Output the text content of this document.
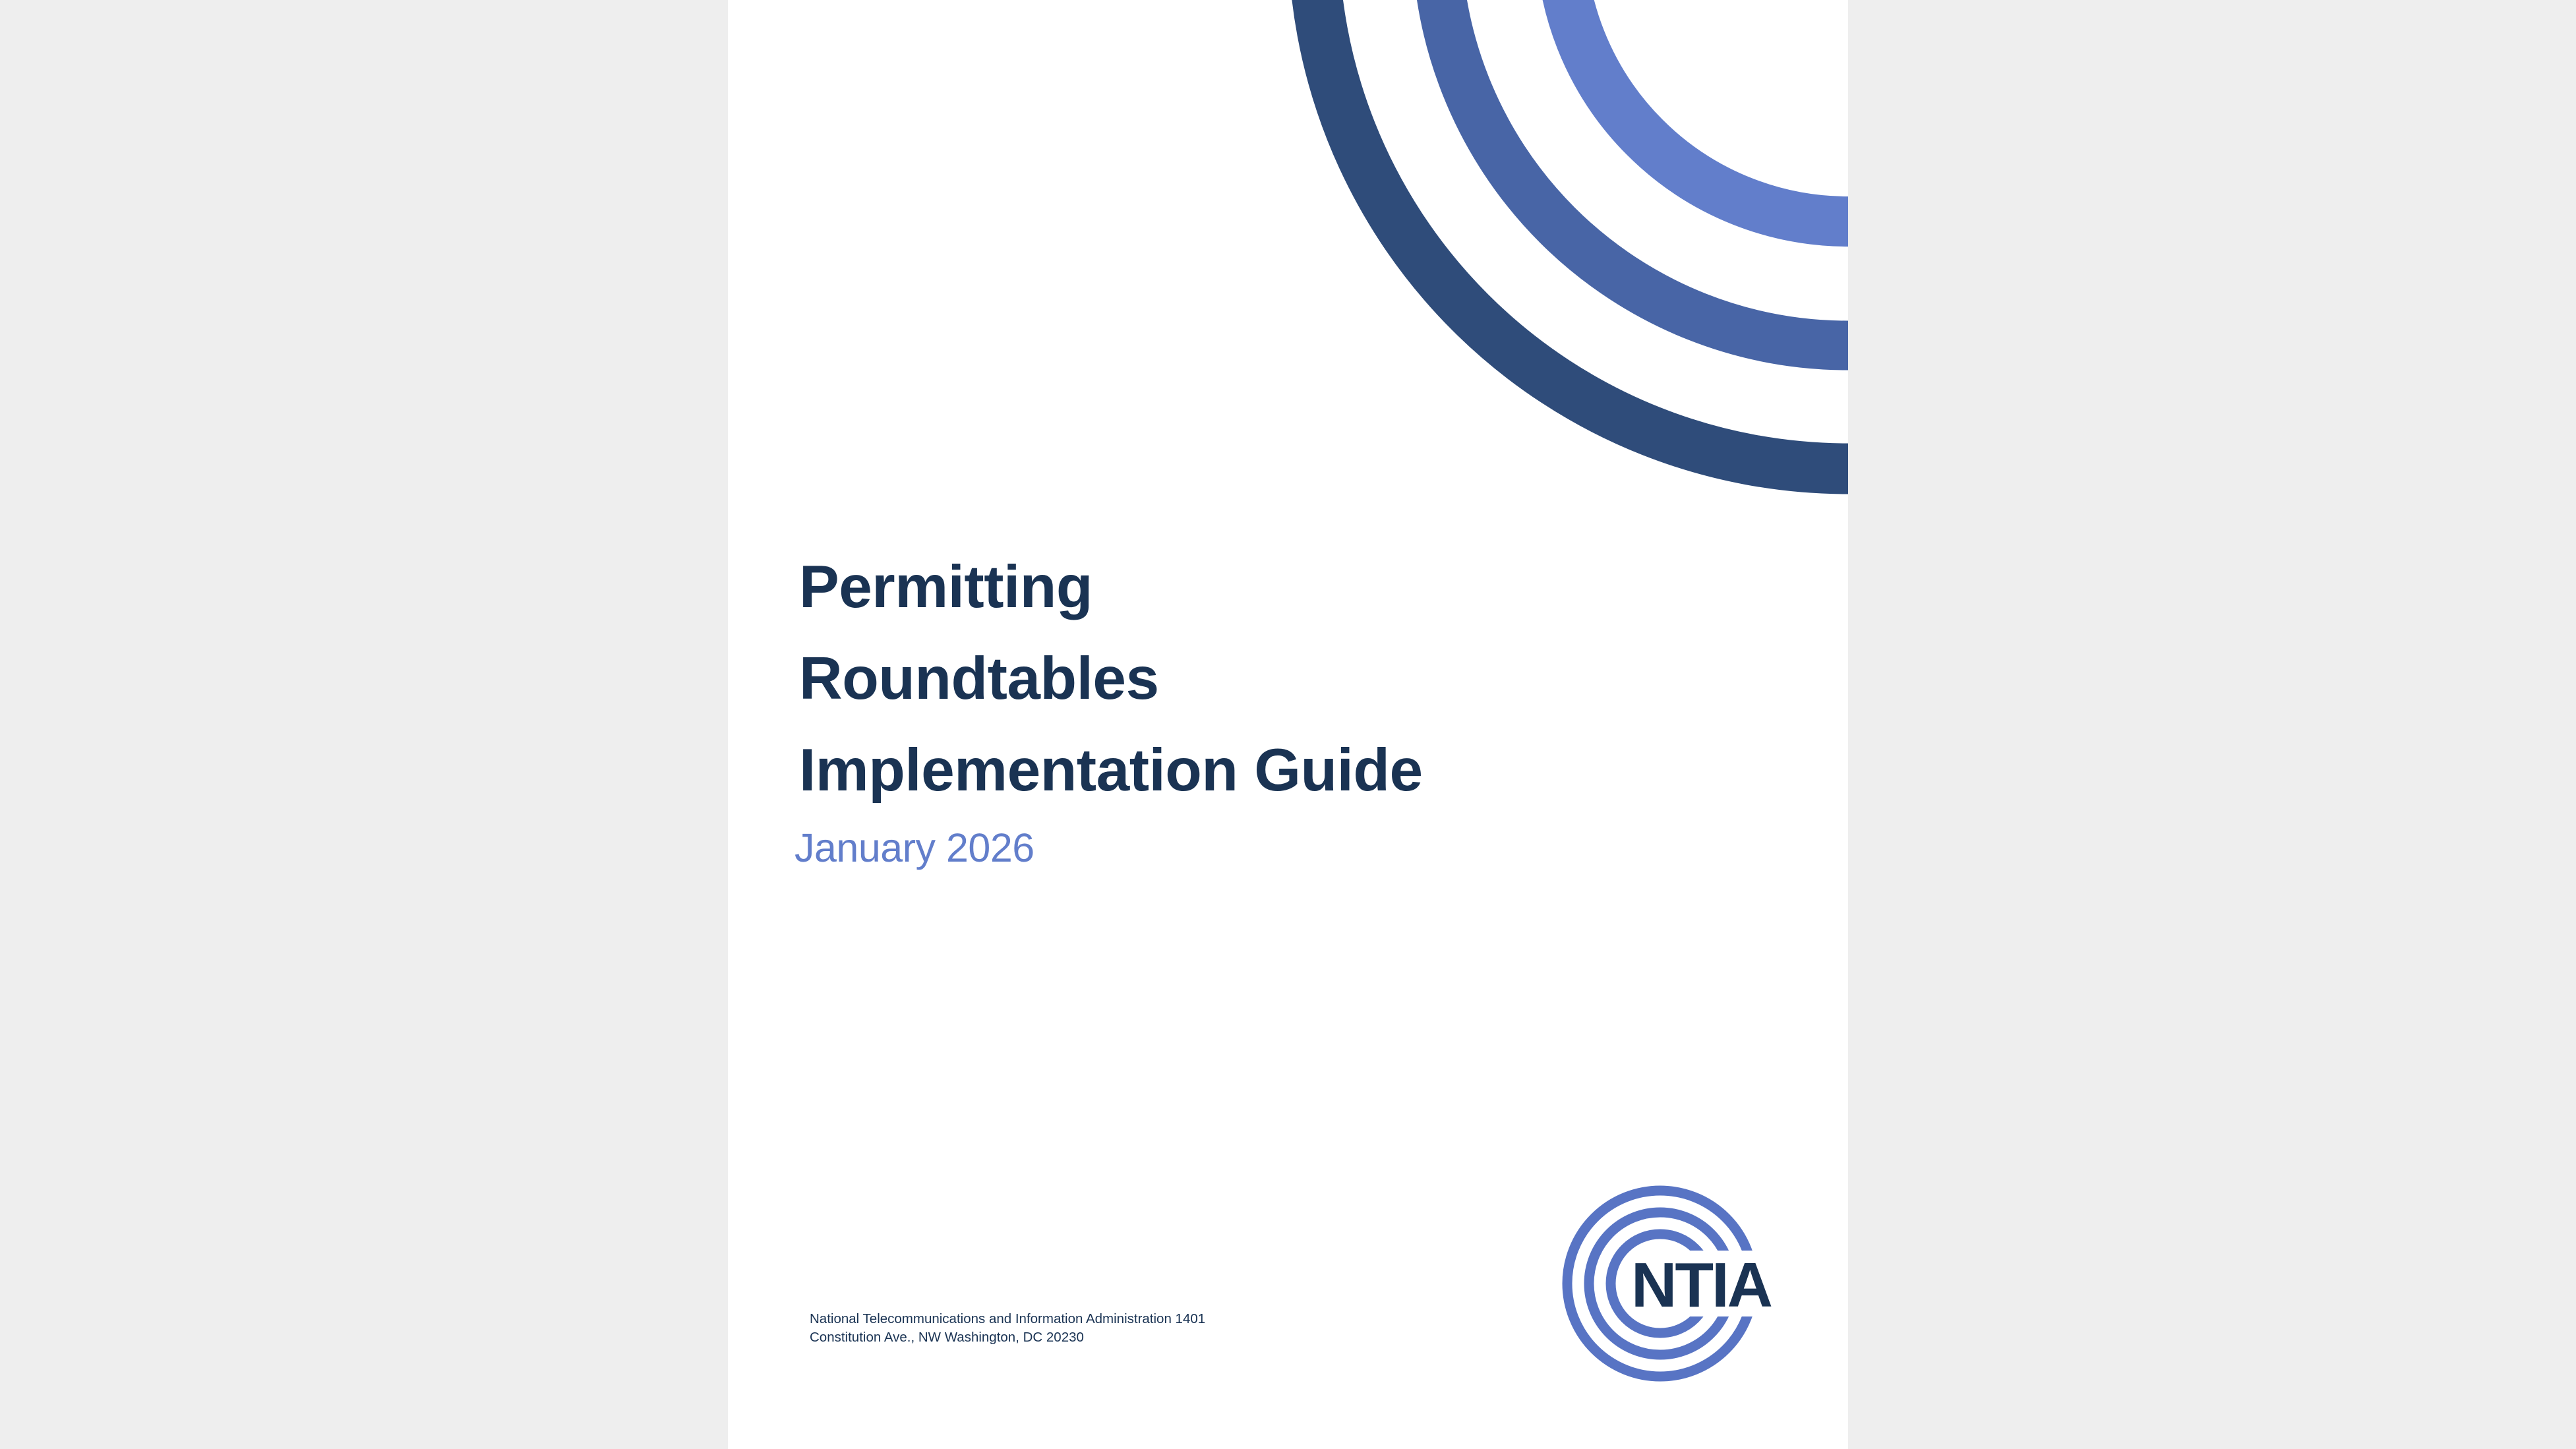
Permitting
Roundtables
Implementation Guide
January 2026
National Telecommunications and Information Administration 1401
Constitution Ave., NW Washington, DC 20230
NTIA
